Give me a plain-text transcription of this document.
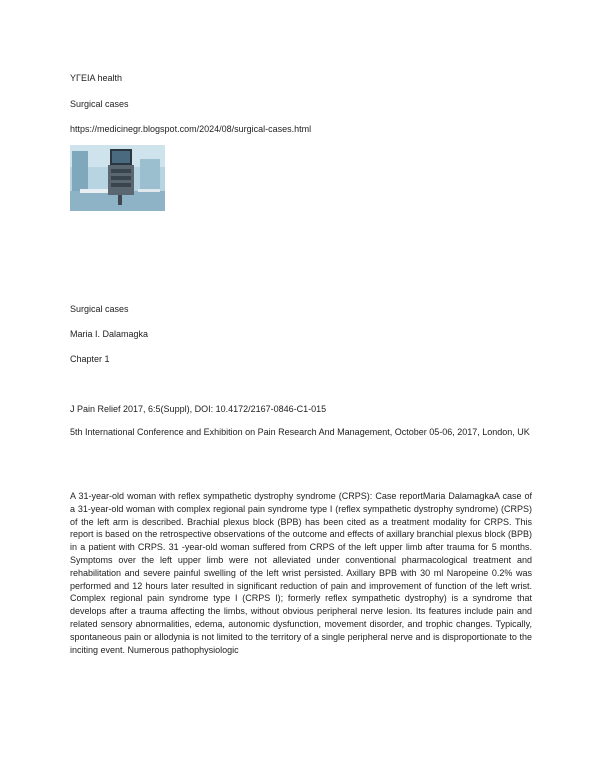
ΥΓΕΙΑ health
Surgical cases
https://medicinegr.blogspot.com/2024/08/surgical-cases.html
Surgical cases
Maria I. Dalamagka
Chapter 1
J Pain Relief 2017, 6:5(Suppl), DOI: 10.4172/2167-0846-C1-015
5th International Conference and Exhibition on Pain Research And Management, October 05-06, 2017, London, UK
A 31-year-old woman with reflex sympathetic dystrophy syndrome (CRPS): Case reportMaria DalamagkaA case of a 31-year-old woman with complex regional pain syndrome type I (reflex sympathetic dystrophy syndrome) (CRPS) of the left arm is described. Brachial plexus block (BPB) has been cited as a treatment modality for CRPS. This report is based on the retrospective observations of the outcome and effects of axillary branchial plexus block (BPB) in a patient with CRPS. 31 -year-old woman suffered from CRPS of the left upper limb after trauma for 5 months. Symptoms over the left upper limb were not alleviated under conventional pharmacological treatment and rehabilitation and severe painful swelling of the left wrist persisted. Axillary BPB with 30 ml Naropeine 0.2% was performed and 12 hours later resulted in significant reduction of pain and improvement of function of the left wrist. Complex regional pain syndrome type I (CRPS I); formerly reflex sympathetic dystrophy) is a syndrome that develops after a trauma affecting the limbs, without obvious peripheral nerve lesion. Its features include pain and related sensory abnormalities, edema, autonomic dysfunction, movement disorder, and trophic changes. Typically, spontaneous pain or allodynia is not limited to the territory of a single peripheral nerve and is disproportionate to the inciting event. Numerous pathophysiologic
